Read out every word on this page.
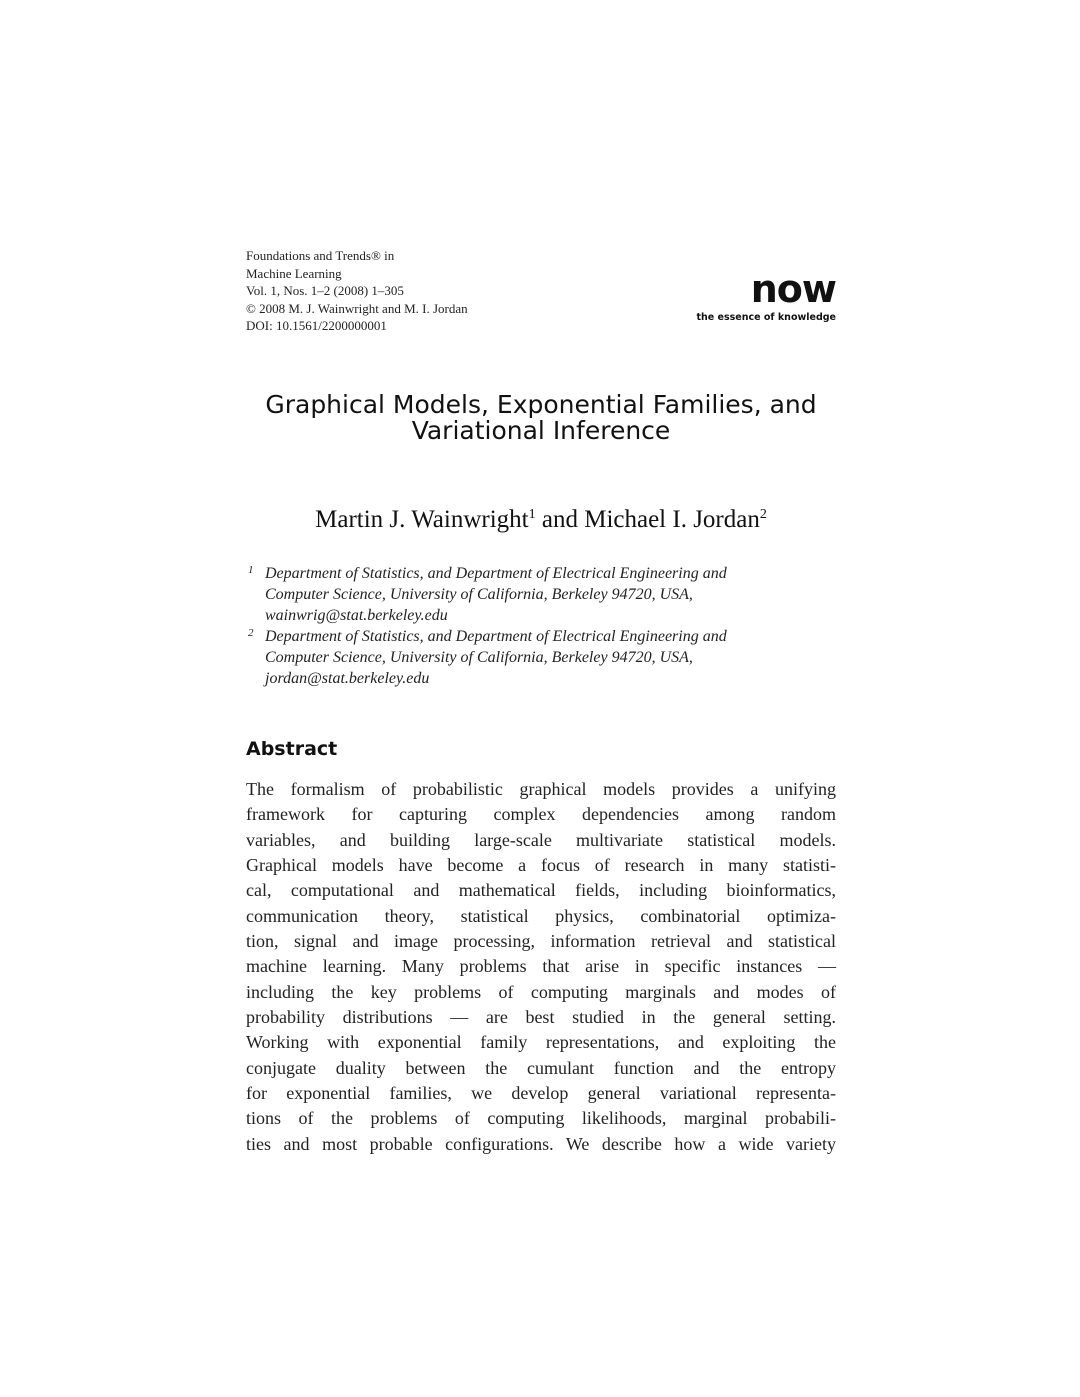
Foundations and Trends® in
Machine Learning
Vol. 1, Nos. 1–2 (2008) 1–305
© 2008 M. J. Wainwright and M. I. Jordan
DOI: 10.1561/2200000001
now
the essence of knowledge
Graphical Models, Exponential Families, and
Variational Inference
Martin J. Wainwright$^1$ and Michael I. Jordan$^2$
1 Department of Statistics, and Department of Electrical Engineering and
Computer Science, University of California, Berkeley 94720, USA,
wainwrig@stat.berkeley.edu
2 Department of Statistics, and Department of Electrical Engineering and
Computer Science, University of California, Berkeley 94720, USA,
jordan@stat.berkeley.edu
Abstract
The formalism of probabilistic graphical models provides a unifying
framework for capturing complex dependencies among random
variables, and building large-scale multivariate statistical models.
Graphical models have become a focus of research in many statisti-
cal, computational and mathematical fields, including bioinformatics,
communication theory, statistical physics, combinatorial optimiza-
tion, signal and image processing, information retrieval and statistical
machine learning. Many problems that arise in specific instances —
including the key problems of computing marginals and modes of
probability distributions — are best studied in the general setting.
Working with exponential family representations, and exploiting the
conjugate duality between the cumulant function and the entropy
for exponential families, we develop general variational representa-
tions of the problems of computing likelihoods, marginal probabili-
ties and most probable configurations. We describe how a wide variety
